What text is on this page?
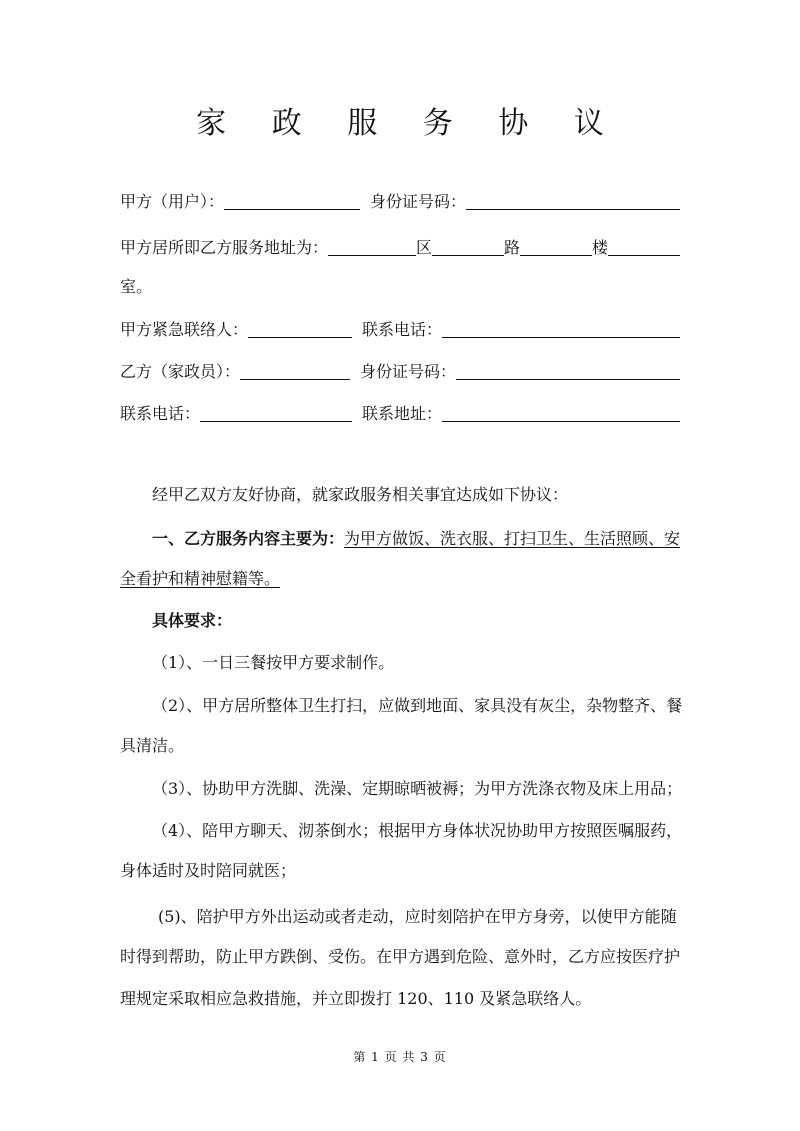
家 政 服 务 协 议
甲方（用户）：	身份证号码：
甲方居所即乙方服务地址为：	区	路	楼
室。
甲方紧急联络人：	联系电话：
乙方（家政员）：	身份证号码：
联系电话：	联系地址：
经甲乙双方友好协商，就家政服务相关事宜达成如下协议：
一、乙方服务内容主要为：为甲方做饭、洗衣服、打扫卫生、生活照顾、安
全看护和精神慰籍等。
具体要求：
（1）、一日三餐按甲方要求制作。
（2）、甲方居所整体卫生打扫，应做到地面、家具没有灰尘，杂物整齐、餐
具清洁。
（3）、协助甲方洗脚、洗澡、定期晾晒被褥；为甲方洗涤衣物及床上用品；
（4）、陪甲方聊天、沏茶倒水；根据甲方身体状况协助甲方按照医嘱服药，
身体适时及时陪同就医；
(5)、陪护甲方外出运动或者走动，应时刻陪护在甲方身旁，以使甲方能随
时得到帮助，防止甲方跌倒、受伤。在甲方遇到危险、意外时，乙方应按医疗护
理规定采取相应急救措施，并立即拨打 120、110 及紧急联络人。
第 1 页 共 3 页
